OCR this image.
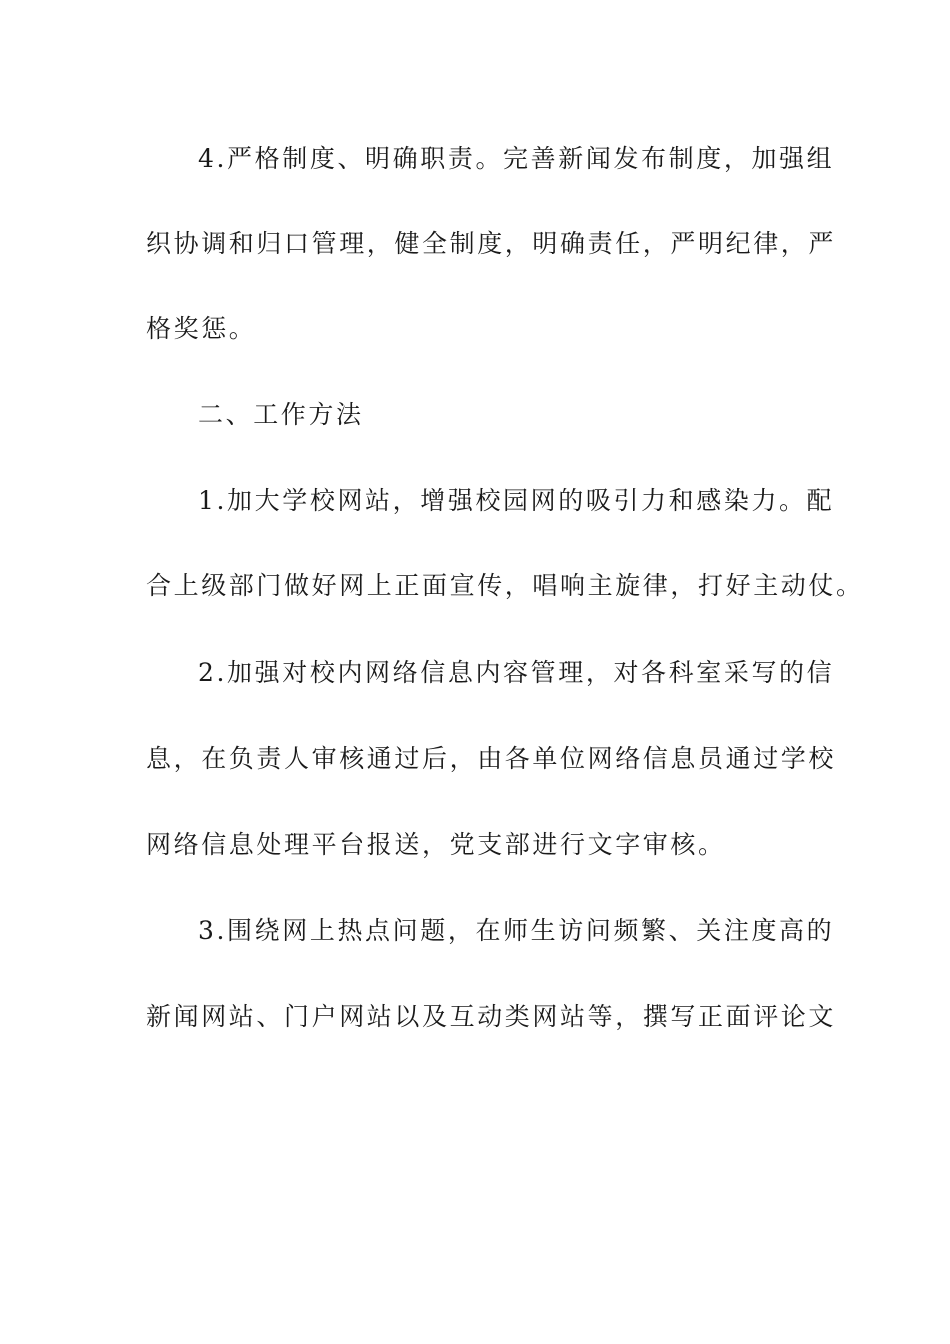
4.严格制度、明确职责。完善新闻发布制度，加强组
织协调和归口管理，健全制度，明确责任，严明纪律，严
格奖惩。
二、工作方法
1.加大学校网站，增强校园网的吸引力和感染力。配
合上级部门做好网上正面宣传，唱响主旋律，打好主动仗。
2.加强对校内网络信息内容管理，对各科室采写的信
息，在负责人审核通过后，由各单位网络信息员通过学校
网络信息处理平台报送，党支部进行文字审核。
3.围绕网上热点问题，在师生访问频繁、关注度高的
新闻网站、门户网站以及互动类网站等，撰写正面评论文
